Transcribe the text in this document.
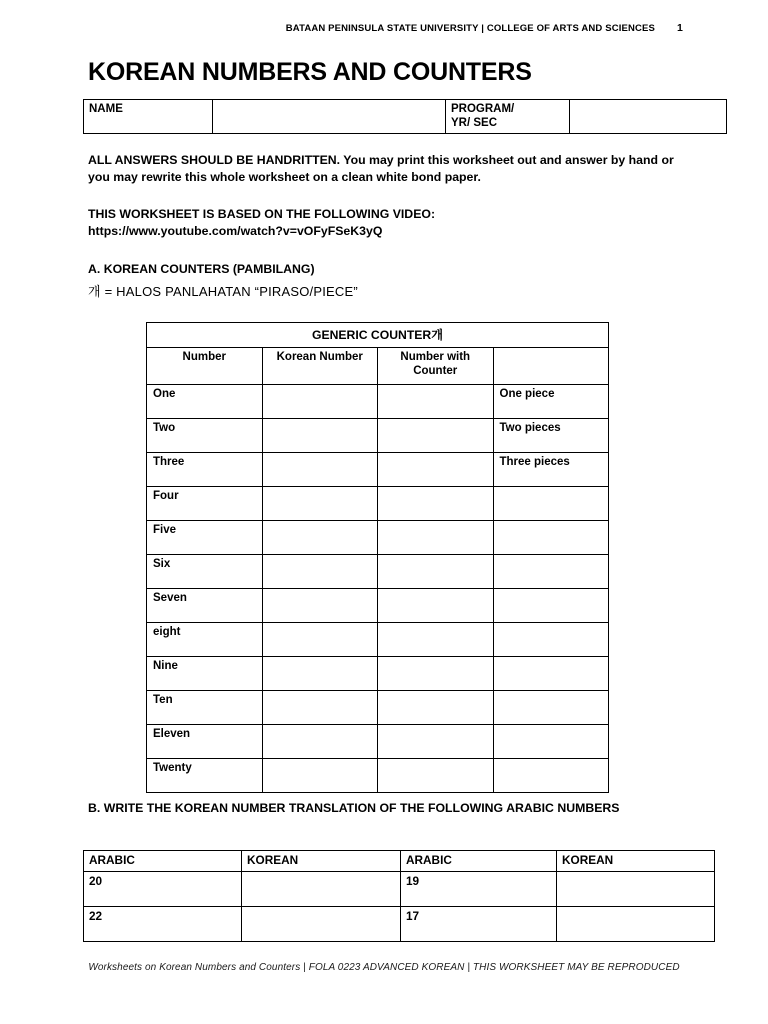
BATAAN PENINSULA STATE UNIVERSITY | COLLEGE OF ARTS AND SCIENCES 1
KOREAN NUMBERS AND COUNTERS
NAME		PROGRAM/
YR/ SEC	
ALL ANSWERS SHOULD BE HANDRITTEN. You may print this worksheet out and answer by hand or you may rewrite this whole worksheet on a clean white bond paper.
THIS WORKSHEET IS BASED ON THE FOLLOWING VIDEO:
https://www.youtube.com/watch?v=vOFyFSeK3yQ
A. KOREAN COUNTERS (PAMBILANG)
개 = HALOS PANLAHATAN “PIRASO/PIECE”
GENERIC COUNTER개			
Number	Korean Number	Number with Counter	
One			One piece
Two			Two pieces
Three			Three pieces
Four			
Five			
Six			
Seven			
eight			
Nine			
Ten			
Eleven			
Twenty			
B. WRITE THE KOREAN NUMBER TRANSLATION OF THE FOLLOWING ARABIC NUMBERS
ARABIC	KOREAN	ARABIC	KOREAN
20		19	
22		17	
Worksheets on Korean Numbers and Counters | FOLA 0223 ADVANCED KOREAN | THIS WORKSHEET MAY BE REPRODUCED
